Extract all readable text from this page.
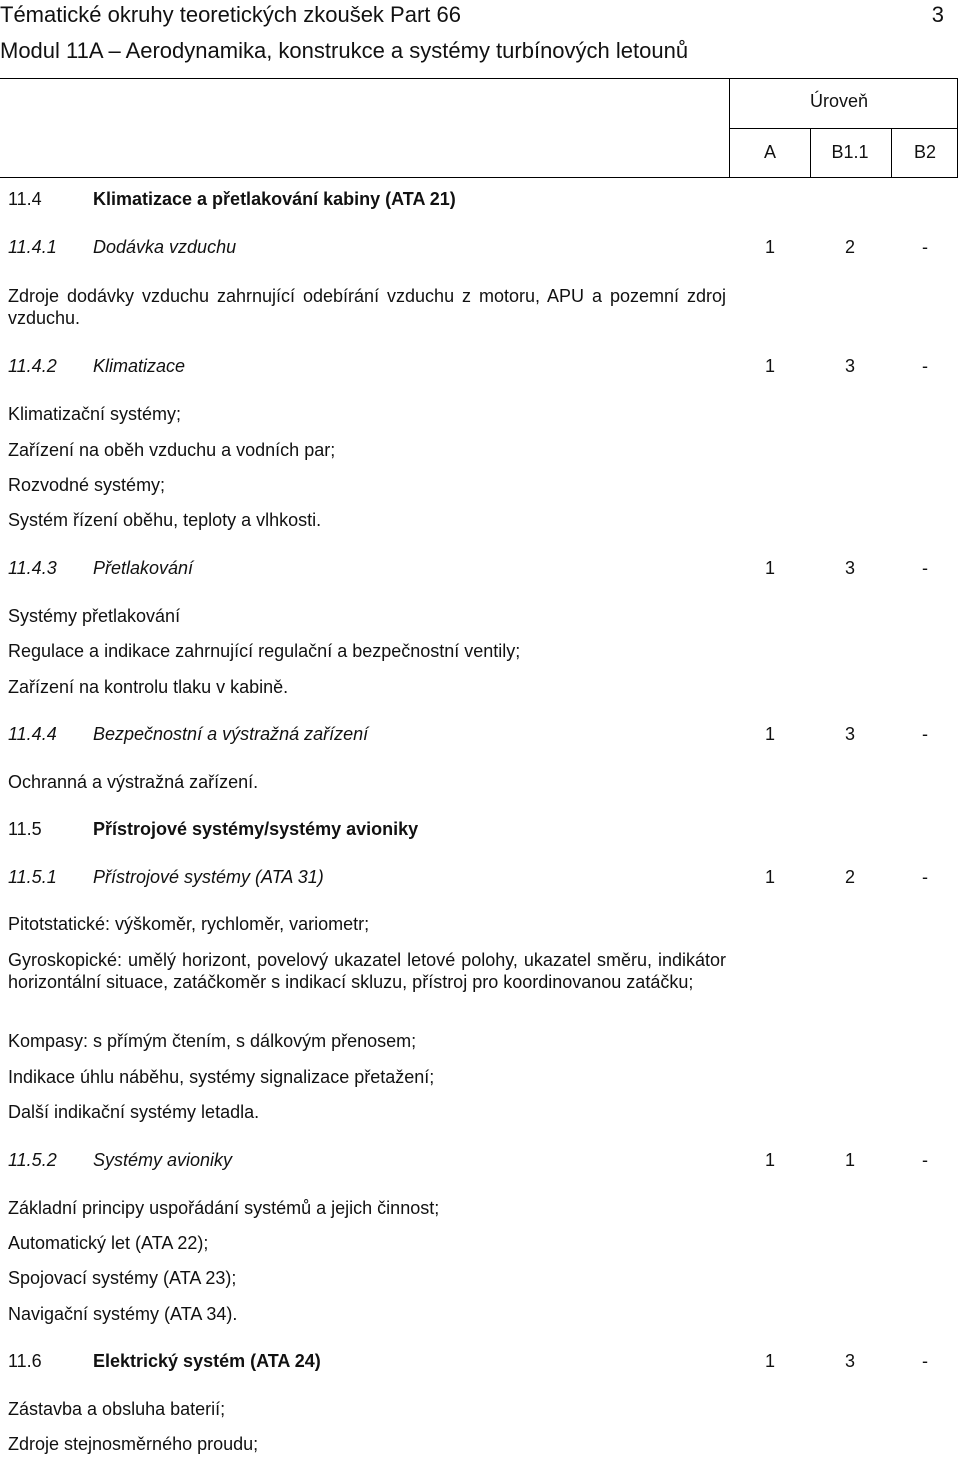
Tématické okruhy teoretických zkoušek Part 66	3
Modul 11A – Aerodynamika, konstrukce a systémy turbínových letounů
Úroveň
A	B1.1	B2
11.4	Klimatizace a přetlakování kabiny (ATA 21)
11.4.1 Dodávka vzduchu	1	2	-
Zdroje dodávky vzduchu zahrnující odebírání vzduchu z motoru, APU a pozemní zdroj vzduchu.
11.4.2 Klimatizace	1	3	-
Klimatizační systémy;
Zařízení na oběh vzduchu a vodních par;
Rozvodné systémy;
Systém řízení oběhu, teploty a vlhkosti.
11.4.3 Přetlakování	1	3	-
Systémy přetlakování
Regulace a indikace zahrnující regulační a bezpečnostní ventily;
Zařízení na kontrolu tlaku v kabině.
11.4.4 Bezpečnostní a výstražná zařízení	1	3	-
Ochranná a výstražná zařízení.
11.5	Přístrojové systémy/systémy avioniky
11.5.1 Přístrojové systémy (ATA 31)	1	2	-
Pitotstatické: výškoměr, rychloměr, variometr;
Gyroskopické: umělý horizont, povelový ukazatel letové polohy, ukazatel směru, indikátor horizontální situace, zatáčkoměr s indikací skluzu, přístroj pro koordinovanou zatáčku;
Kompasy: s přímým čtením, s dálkovým přenosem;
Indikace úhlu náběhu, systémy signalizace přetažení;
Další indikační systémy letadla.
11.5.2 Systémy avioniky	1	1	-
Základní principy uspořádání systémů a jejich činnost;
Automatický let (ATA 22);
Spojovací systémy (ATA 23);
Navigační systémy (ATA 34).
11.6	Elektrický systém (ATA 24)	1	3	-
Zástavba a obsluha baterií;
Zdroje stejnosměrného proudu;
